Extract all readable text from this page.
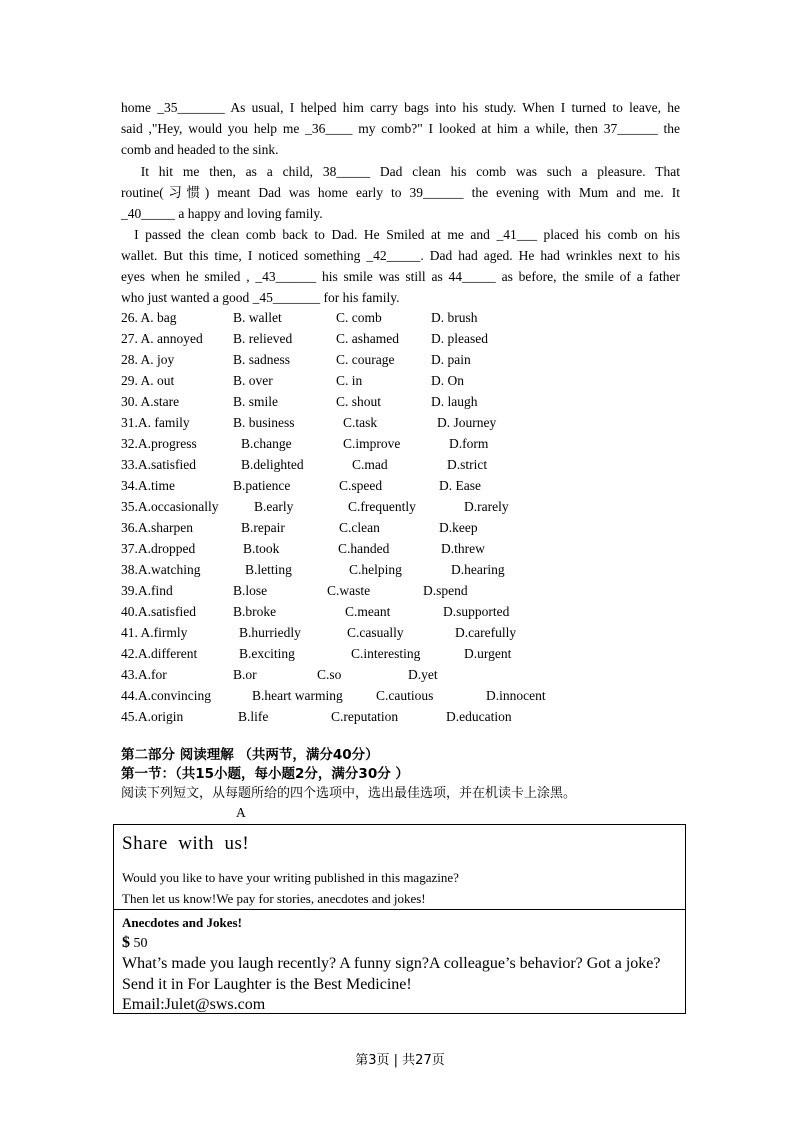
home _35_______ As usual, I helped him carry bags into his study. When I turned to leave, he
said ,"Hey, would you help me _36____ my comb?" I looked at him a while, then 37______ the
comb and headed to the sink.
It hit me then, as a child, 38_____ Dad clean his comb was such a pleasure. That
routine(习惯) meant Dad was home early to 39______ the evening with Mum and me. It
_40_____ a happy and loving family.
I passed the clean comb back to Dad. He Smiled at me and _41___ placed his comb on his
wallet. But this time, I noticed something _42_____. Dad had aged. He had wrinkles next to his
eyes when he smiled , _43______ his smile was still as 44_____ as before, the smile of a father
who just wanted a good _45_______ for his family.
26. A. bag	B. wallet	C. comb	D. brush
27. A. annoyed B. relieved	C. ashamed D. pleased
28. A. joy	B. sadness	C. courage	D. pain
29. A. out	B. over	C. in	D. On
30. A.stare	B. smile	C. shout	D. laugh
31.A. family	B. business	C.task	D. Journey
32.A.progress	B.change	C.improve	D.form
33.A.satisfied	B.delighted	C.mad	D.strict
34.A.time	B.patience	C.speed	D. Ease
35.A.occasionally	B.early	C.frequently	D.rarely
36.A.sharpen	B.repair	C.clean	D.keep
37.A.dropped	B.took	C.handed	D.threw
38.A.watching	B.letting	C.helping	D.hearing
39.A.find	B.lose	C.waste	D.spend
40.A.satisfied	B.broke	C.meant	D.supported
41. A.firmly	B.hurriedly	C.casually	D.carefully
42.A.different	B.exciting	C.interesting	D.urgent
43.A.for	B.or	C.so	D.yet
44.A.convincing	B.heart warming C.cautious	D.innocent
45.A.origin	B.life	C.reputation	D.education
第二部分 阅读理解 （共两节，满分40分）
第一节：（共15小题，每小题2分，满分30分 ）
阅读下列短文，从每题所给的四个选项中，选出最佳选项，并在机读卡上涂黑。
A
Share  with  us!
Would you like to have your writing published in this magazine?
Then let us know!We pay for stories, anecdotes and jokes!
Anecdotes and Jokes!
$ 50
What’s made you laugh recently? A funny sign?A colleague’s behavior? Got a joke?
Send it in For Laughter is the Best Medicine!
Email:Julet@sws.com
第3页 | 共27页
